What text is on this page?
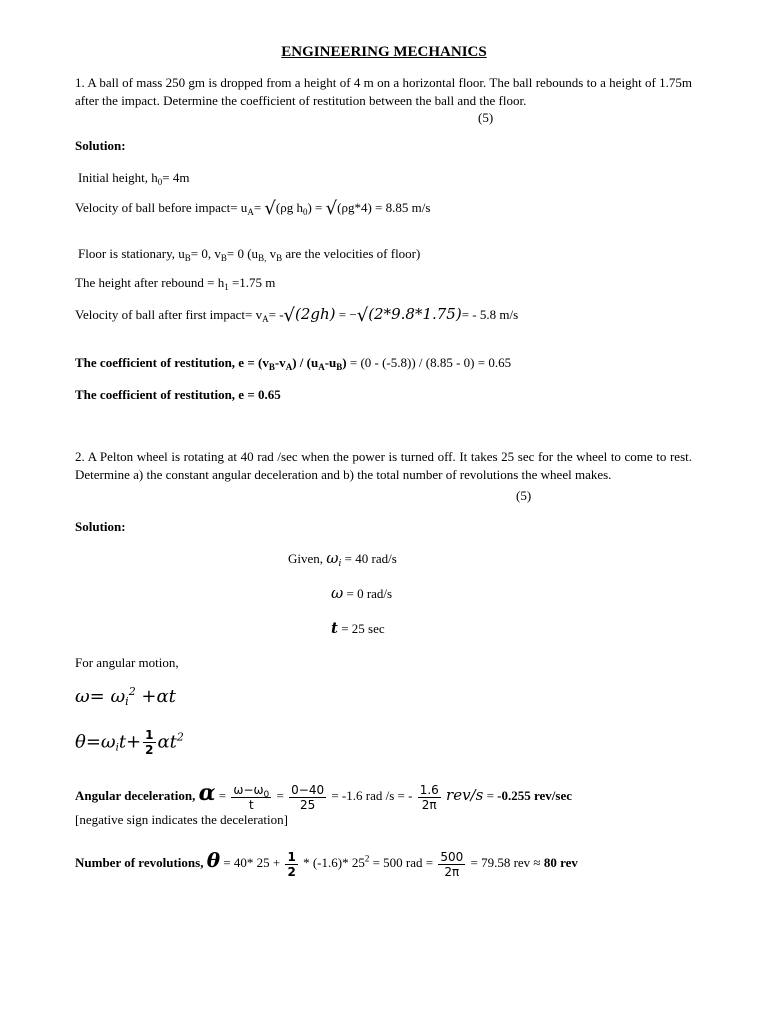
ENGINEERING MECHANICS
1. A ball of mass 250 gm is dropped from a height of 4 m on a horizontal floor. The ball rebounds to a height of 1.75m after the impact. Determine the coefficient of restitution between the ball and the floor.
(5)
Solution:
Initial height, $h_0= 4m$
Velocity of ball before impact= $u_A= √(\rho g$ $h_0) = √(\rho g*4) = 8.85$ m/s
Floor is stationary, $u_B= 0$, $v_B= 0$ ($u_{B,}$ $v_B$ are the velocities of floor)
The height after rebound = $h_1 =1.75$ m
Velocity of ball after first impact= $v_A= -√(2gh) = -√(2*9.8*1.75)= - 5.8$ m/s
The coefficient of restitution, $e = (v_B-v_A) / (u_A-u_B) = (0 - (-5.8)) / (8.85 - 0) = 0.65$
The coefficient of restitution, e = 0.65
2. A Pelton wheel is rotating at 40 rad /sec when the power is turned off. It takes 25 sec for the wheel to come to rest. Determine a) the constant angular deceleration and b) the total number of revolutions the wheel makes.
(5)
Solution:
Given, $\omega_i = 40$ rad/s
ω = 0 rad/s
t = 25 sec
For angular motion,
$\omega= \omega_i^2 +\alpha t$
$\theta=\omega_it+ \frac{1}{2} \alpha t^2$
Angular deceleration, $\alpha = \frac{\omega-\omega_0}{t} = \frac{0-40}{25} = -1.6$ rad /s = - $\frac{1.6}{2\pi} rev/s = -0.255$ rev/sec
[negative sign indicates the deceleration]
Number of revolutions, θ = 40* $25 + \frac{1}{2} * (-1.6)*$ $25^2 = 500$ rad = $\frac{500}{2\pi} = 79.58$ rev ≈ 80 rev
